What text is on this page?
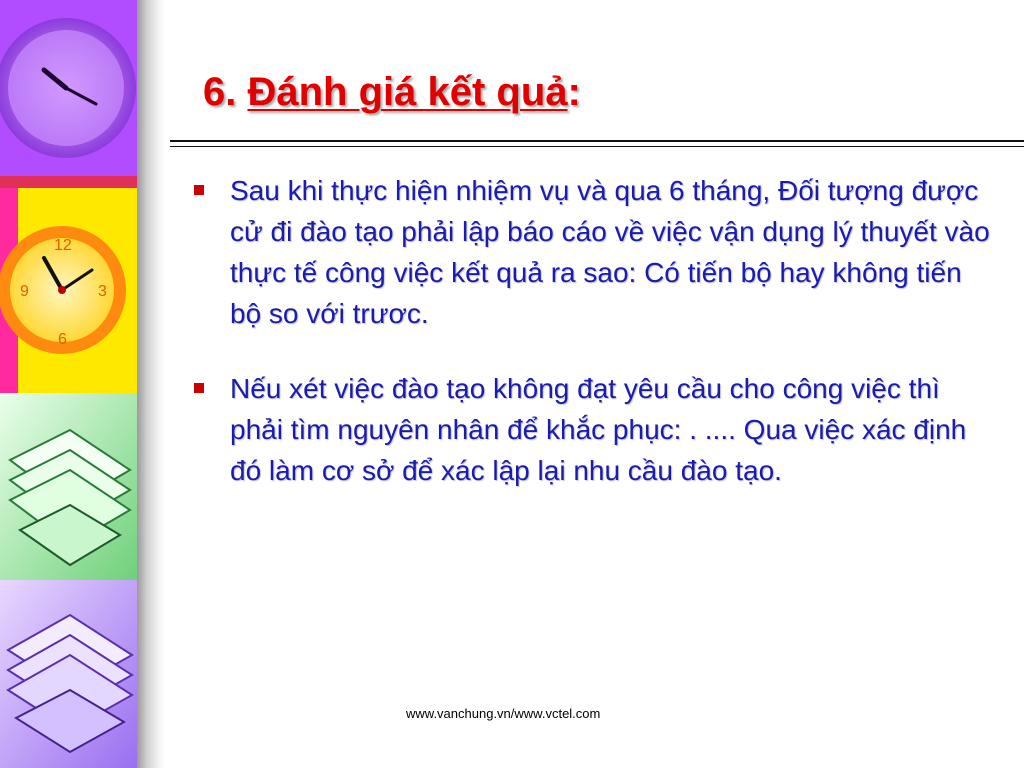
12
3
6
9
6. Đánh giá kết quả:
Sau khi thực hiện nhiệm vụ và qua 6 tháng, Đối tượng được cử đi đào tạo phải lập báo cáo về việc vận dụng lý thuyết vào thực tế công việc kết quả ra sao: Có tiến bộ hay không tiến bộ so với trươc.
Nếu xét việc đào tạo không đạt yêu cầu cho công việc thì phải tìm nguyên nhân để khắc phục: . .... Qua việc xác định đó làm cơ sở để xác lập lại nhu cầu đào tạo.
www.vanchung.vn/www.vctel.com
